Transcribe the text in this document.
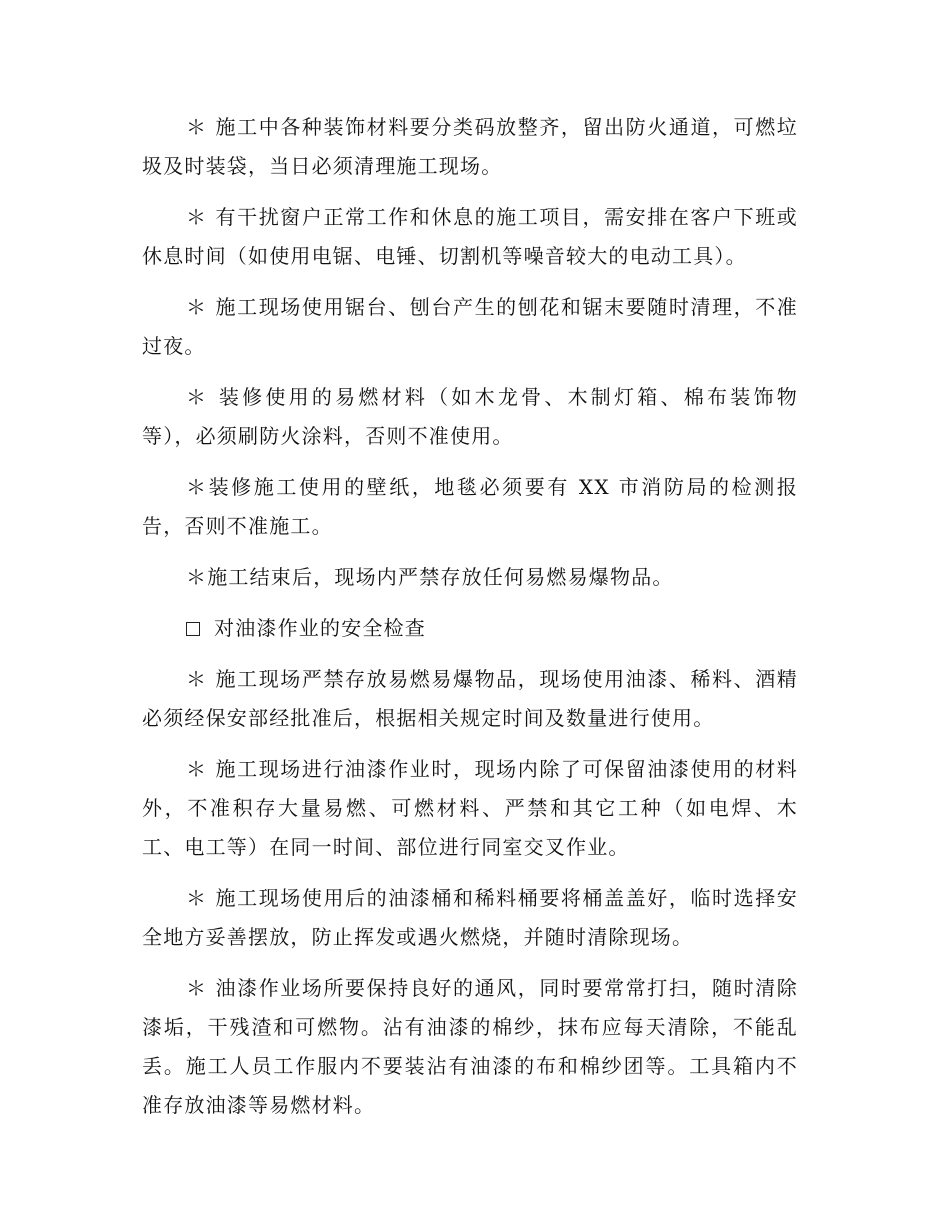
＊ 施工中各种装饰材料要分类码放整齐，留出防火通道，可燃垃圾及时装袋，当日必须清理施工现场。

＊ 有干扰窗户正常工作和休息的施工项目，需安排在客户下班或休息时间（如使用电锯、电锤、切割机等噪音较大的电动工具）。

＊ 施工现场使用锯台、刨台产生的刨花和锯末要随时清理，不准过夜。

＊ 装修使用的易燃材料（如木龙骨、木制灯箱、棉布装饰物等），必须刷防火涂料，否则不准使用。

＊装修施工使用的壁纸，地毯必须要有 XX 市消防局的检测报告，否则不准施工。

＊施工结束后，现场内严禁存放任何易燃易爆物品。

对油漆作业的安全检查

＊ 施工现场严禁存放易燃易爆物品，现场使用油漆、稀料、酒精必须经保安部经批准后，根据相关规定时间及数量进行使用。

＊ 施工现场进行油漆作业时，现场内除了可保留油漆使用的材料外，不准积存大量易燃、可燃材料、严禁和其它工种（如电焊、木工、电工等）在同一时间、部位进行同室交叉作业。

＊ 施工现场使用后的油漆桶和稀料桶要将桶盖盖好，临时选择安全地方妥善摆放，防止挥发或遇火燃烧，并随时清除现场。

＊ 油漆作业场所要保持良好的通风，同时要常常打扫，随时清除漆垢，干残渣和可燃物。沾有油漆的棉纱，抹布应每天清除，不能乱丢。施工人员工作服内不要装沾有油漆的布和棉纱团等。工具箱内不准存放油漆等易燃材料。
